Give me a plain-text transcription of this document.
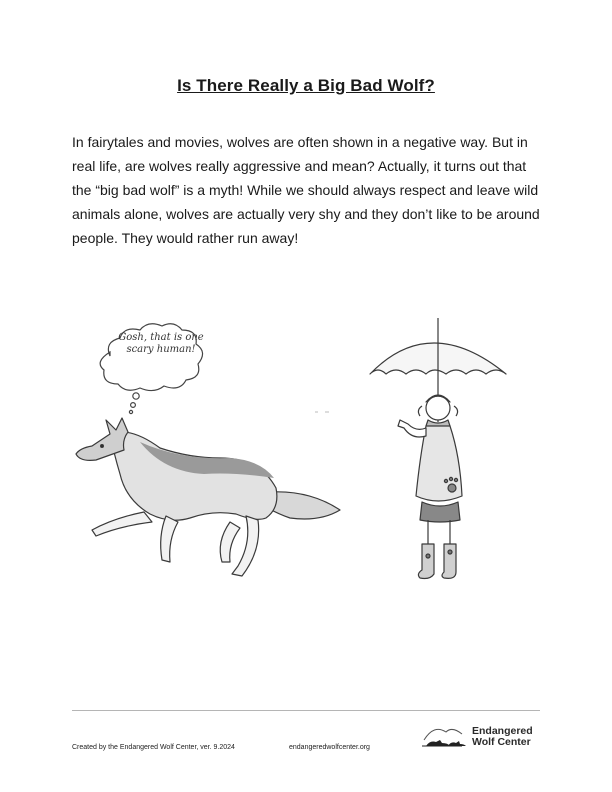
Is There Really a Big Bad Wolf?

In fairytales and movies, wolves are often shown in a negative way. But in real life, are wolves really aggressive and mean? Actually, it turns out that the “big bad wolf” is a myth! While we should always respect and leave wild animals alone, wolves are actually very shy and they don’t like to be around people. They would rather run away!

Gosh, that is one scary human!
Created by the Endangered Wolf Center, ver. 9.2024	endangeredwolfcenter.org
Endangered
Wolf Center
